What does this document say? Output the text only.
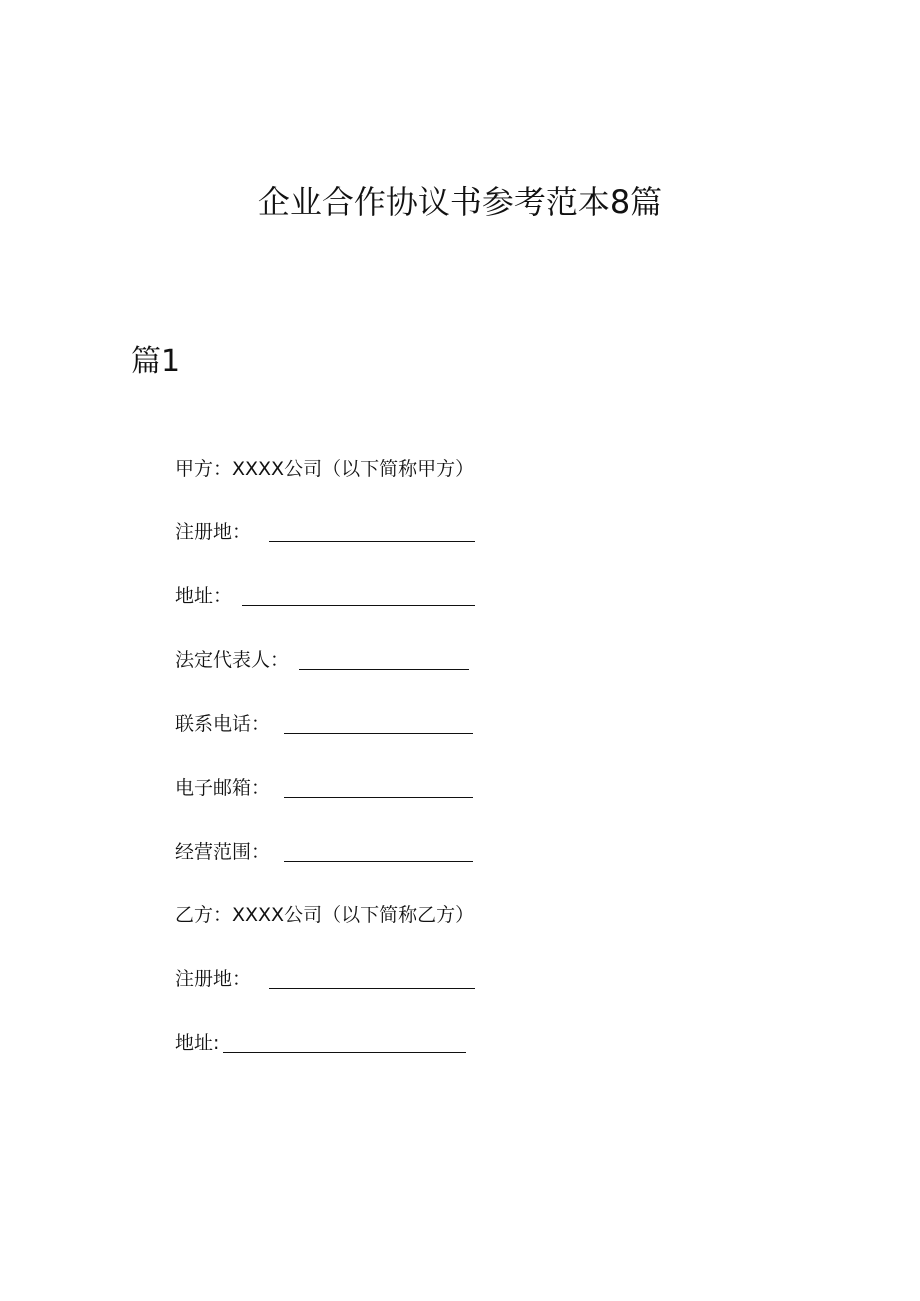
企业合作协议书参考范本8篇
篇1
甲方：XXXX公司（以下简称甲方）
注册地：
地址：
法定代表人：
联系电话：
电子邮箱：
经营范围：
乙方：XXXX公司（以下简称乙方）
注册地：
地址:
